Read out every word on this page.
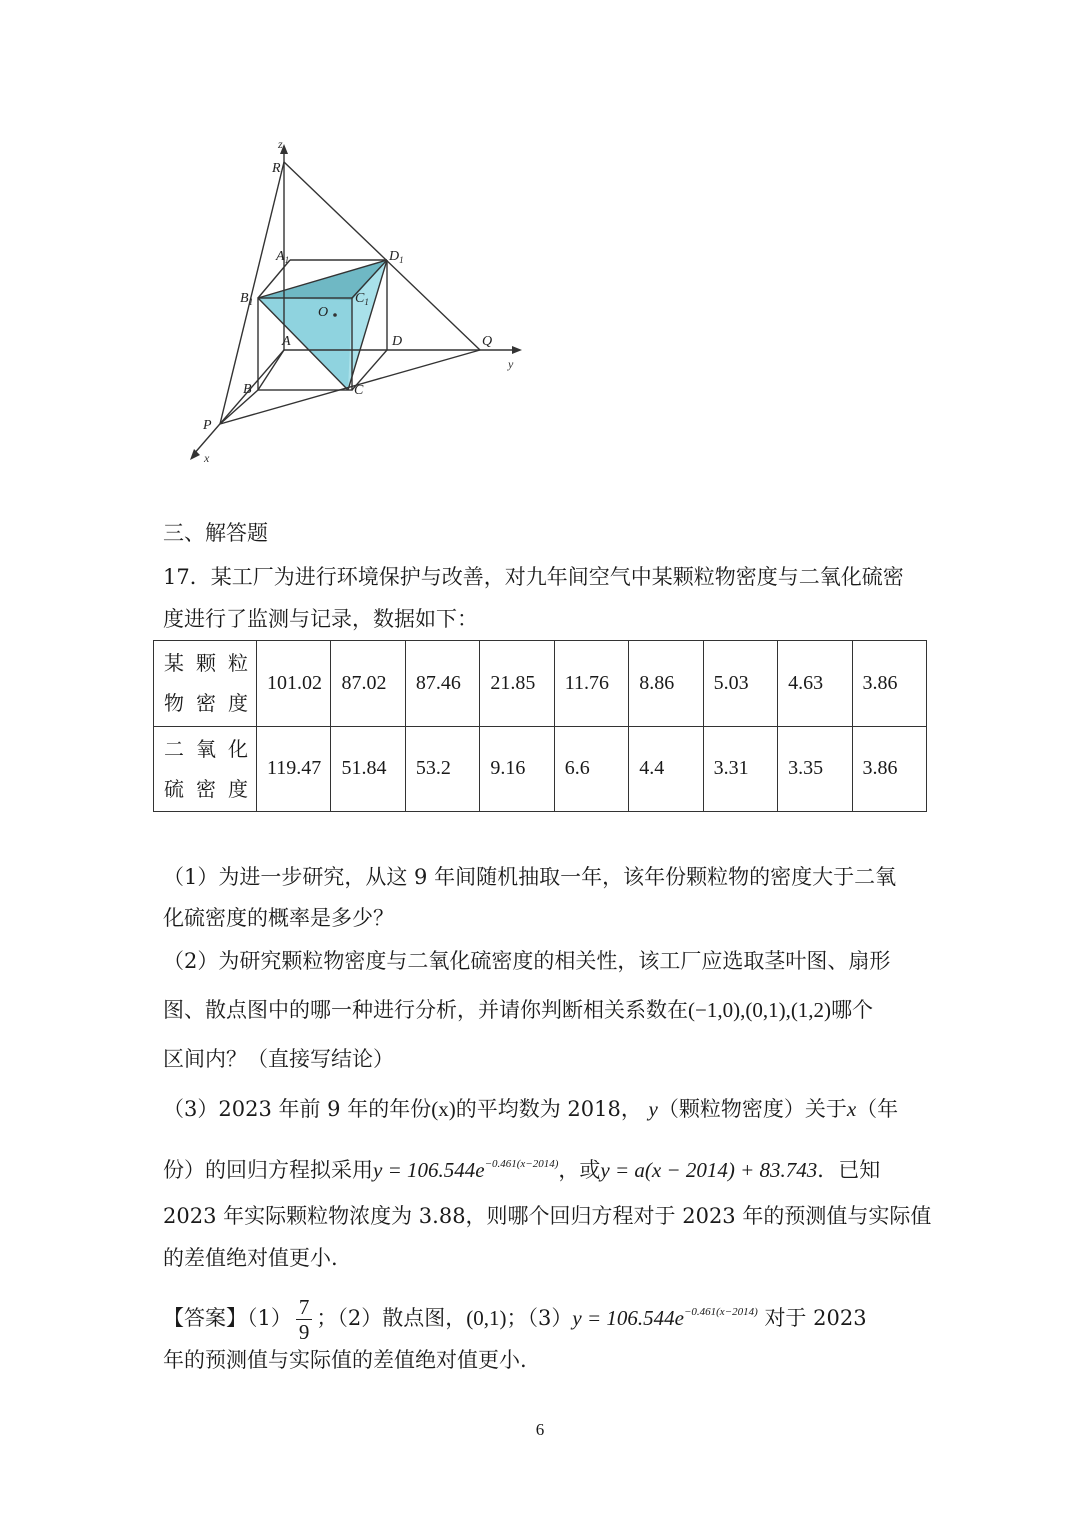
z
R
$A_1$	$D_1$
$B_1$	$C_1$
O
A	D	Q
y
B	C
P
x
三、解答题
17．某工厂为进行环境保护与改善，对九年间空气中某颗粒物密度与二氧化硫密
度进行了监测与记录，数据如下：
某颗粒
物密度	101.02	87.02	87.46	21.85	11.76	8.86	5.03	4.63	3.86

二氧化
硫密度	119.47	51.84	53.2	9.16	6.6	4.4	3.31	3.35	3.86
（1）为进一步研究，从这 9 年间随机抽取一年，该年份颗粒物的密度大于二氧
化硫密度的概率是多少？
（2）为研究颗粒物密度与二氧化硫密度的相关性，该工厂应选取茎叶图、扇形
图、散点图中的哪一种进行分析，并请你判断相关系数在(−1,0),(0,1),(1,2)哪个
区间内？（直接写结论）
（3）2023 年前 9 年的年份(x)的平均数为 2018， y（颗粒物密度）关于x（年
份）的回归方程拟采用$y = 106.544e^{-0.461(x-2014)}$，或y = a(x − 2014) + 83.743．已知
2023 年实际颗粒物浓度为 3.88，则哪个回归方程对于 2023 年的预测值与实际值
的差值绝对值更小.
【答案】$(1) \frac{7}{9}$ ；（2）散点图，(0,1)；$(3)y = 106.544e^{-0.461(x-2014)}$ 对于 2023
年的预测值与实际值的差值绝对值更小.
6
